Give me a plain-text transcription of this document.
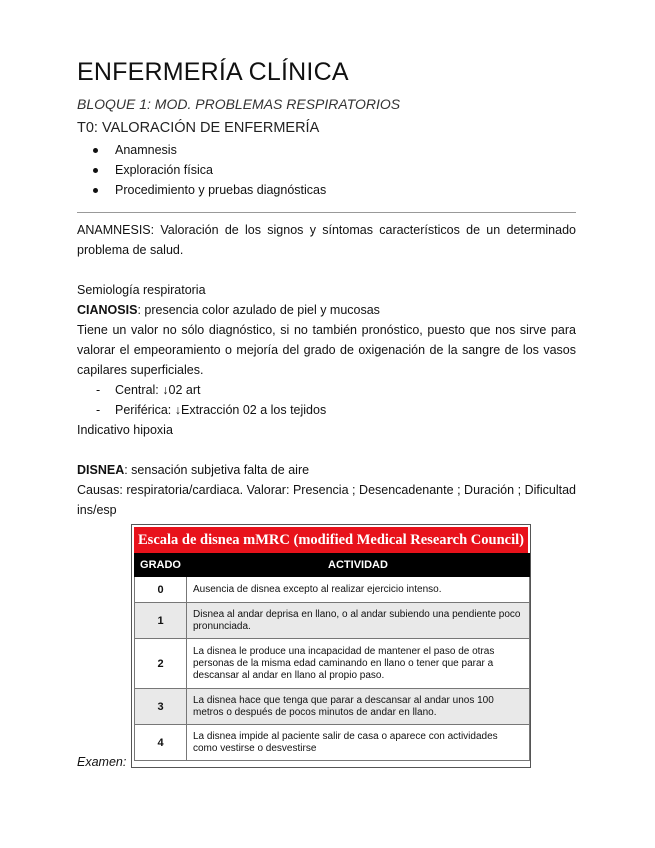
ENFERMERÍA CLÍNICA
BLOQUE 1: MOD. PROBLEMAS RESPIRATORIOS
T0: VALORACIÓN DE ENFERMERÍA
Anamnesis
Exploración física
Procedimiento y pruebas diagnósticas
ANAMNESIS: Valoración de los signos y síntomas característicos de un determinado problema de salud.
Semiología respiratoria
CIANOSIS: presencia color azulado de piel y mucosas
Tiene un valor no sólo diagnóstico, si no también pronóstico, puesto que nos sirve para valorar el empeoramiento o mejoría del grado de oxigenación de la sangre de los vasos capilares superficiales.
- Central: ↓02 art
- Periférica: ↓Extracción 02 a los tejidos
Indicativo hipoxia
DISNEA: sensación subjetiva falta de aire
Causas: respiratoria/cardiaca. Valorar: Presencia ; Desencadenante ; Duración ; Dificultad ins/esp
Examen:
Escala de disnea mMRC (modified Medical Research Council)
GRADO	ACTIVIDAD
0	Ausencia de disnea excepto al realizar ejercicio intenso.
1	Disnea al andar deprisa en llano, o al andar subiendo una pendiente poco pronunciada.
2	La disnea le produce una incapacidad de mantener el paso de otras personas de la misma edad caminando en llano o tener que parar a descansar al andar en llano al propio paso.
3	La disnea hace que tenga que parar a descansar al andar unos 100 metros o después de pocos minutos de andar en llano.
4	La disnea impide al paciente salir de casa o aparece con actividades como vestirse o desvestirse
